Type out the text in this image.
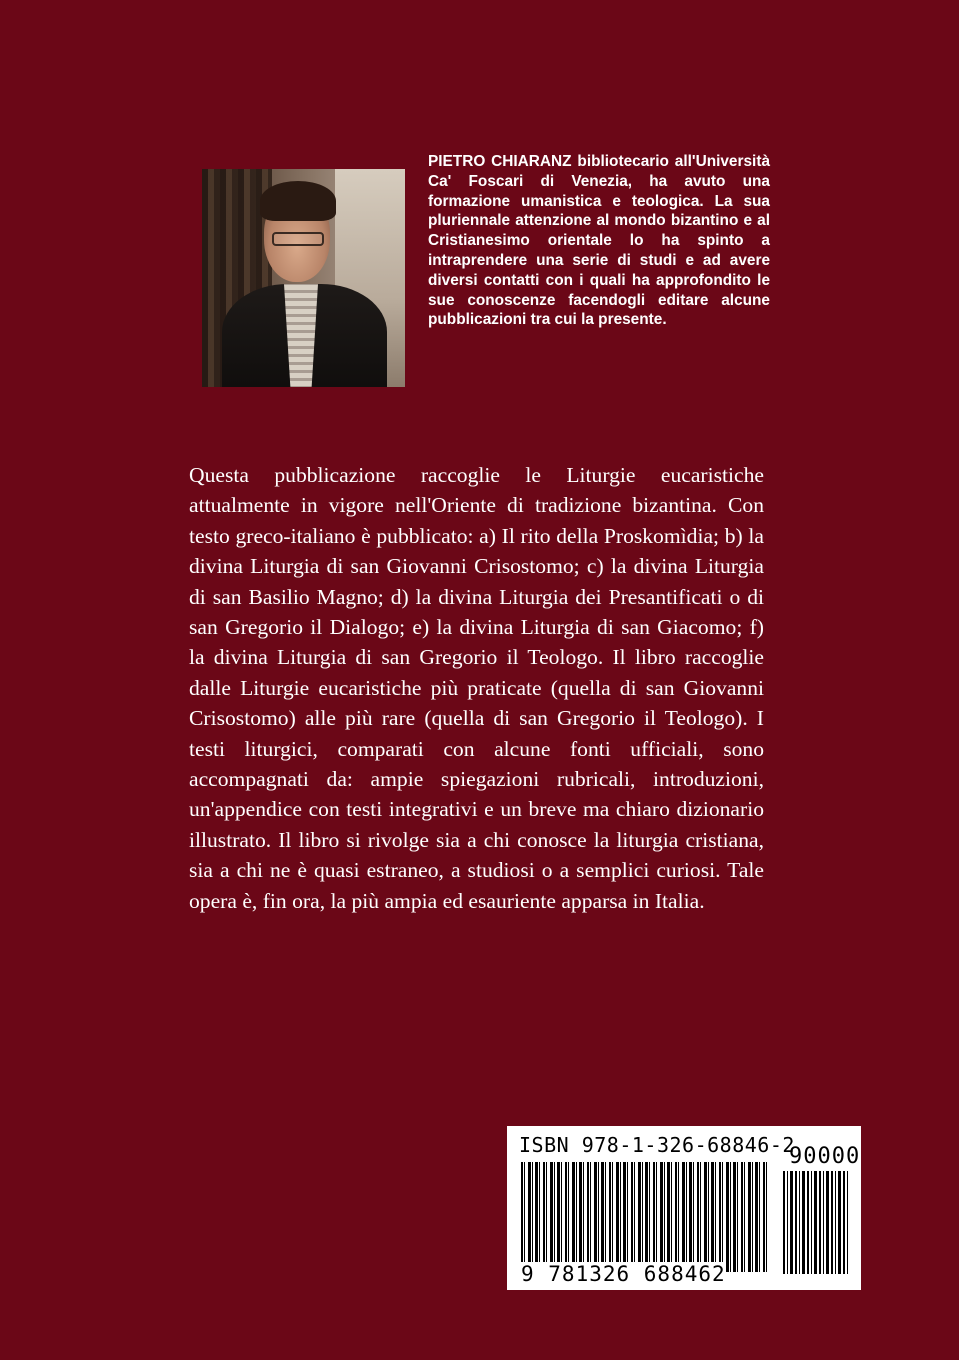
PIETRO CHIARANZ bibliotecario all'Università Ca' Foscari di Venezia, ha avuto una formazione umanistica e teologica. La sua pluriennale attenzione al mondo bizantino e al Cristianesimo orientale lo ha spinto a intraprendere una serie di studi e ad avere diversi contatti con i quali ha approfondito le sue conoscenze facendogli editare alcune pubblicazioni tra cui la presente.

Questa pubblicazione raccoglie le Liturgie eucaristiche attualmente in vigore nell'Oriente di tradizione bizantina. Con testo greco-italiano è pubblicato: a) Il rito della Proskomìdia; b) la divina Liturgia di san Giovanni Crisostomo; c) la divina Liturgia di san Basilio Magno; d) la divina Liturgia dei Presantificati o di san Gregorio il Dialogo; e) la divina Liturgia di san Giacomo; f) la divina Liturgia di san Gregorio il Teologo. Il libro raccoglie dalle Liturgie eucaristiche più praticate (quella di san Giovanni Crisostomo) alle più rare (quella di san Gregorio il Teologo). I testi liturgici, comparati con alcune fonti ufficiali, sono accompagnati da: ampie spiegazioni rubricali, introduzioni, un'appendice con testi integrativi e un breve ma chiaro dizionario illustrato. Il libro si rivolge sia a chi conosce la liturgia cristiana, sia a chi ne è quasi estraneo, a studiosi o a semplici curiosi. Tale opera è, fin ora, la più ampia ed esauriente apparsa in Italia.

ISBN 978-1-326-68846-2
90000
9 781326 688462
